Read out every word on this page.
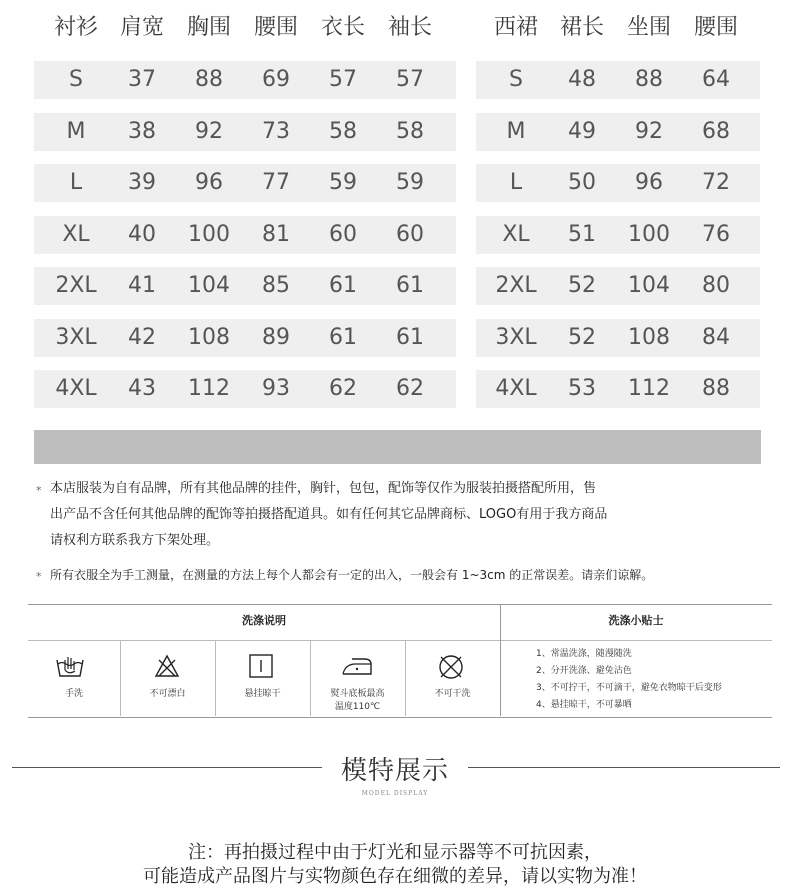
衬衫 肩宽	胸围	腰围	衣长	袖长	西裙 裙长	坐围	腰围
S	37	88	69	57	57
M	38	92	73	58	58
L	39	96	77	59	59
XL	40	100	81	60	60
2XL	41	104	85	61	61
3XL	42	108	89	61	61
4XL	43	112	93	62	62
S	48	88	64
M	49	92	68
L	50	96	72
XL	51	100	76
2XL	52	104	80
3XL	52	108	84
4XL	53	112	88
* 本店服装为自有品牌，所有其他品牌的挂件，胸针，包包，配饰等仅作为服装拍摄搭配所用，售
出产品不含任何其他品牌的配饰等拍摄搭配道具。如有任何其它品牌商标、LOGO有用于我方商品
请权利方联系我方下架处理。
* 所有衣服全为手工测量，在测量的方法上每个人都会有一定的出入，一般会有 1~3cm 的正常误差。请亲们谅解。
洗涤说明	洗涤小贴士
手洗	不可漂白	悬挂晾干	熨斗底板最高
温度110℃
不可干洗
1、常温洗涤，随漫随洗
2、分开洗涤、避免沾色
3、不可拧干，不可滴干，避免衣物晾干后变形
4、悬挂晾干，不可暴晒
模特展示
MODEL DISPLAY
注：再拍摄过程中由于灯光和显示器等不可抗因素，
可能造成产品图片与实物颜色存在细微的差异，请以实物为准！
